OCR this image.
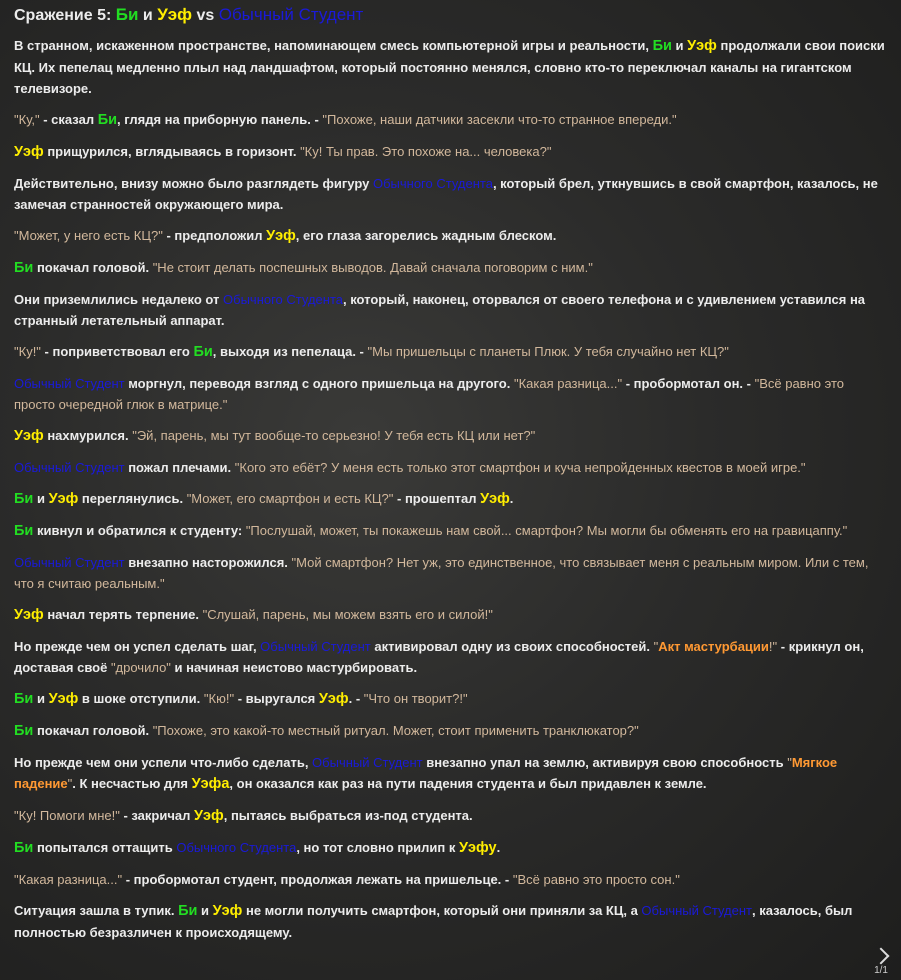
Сражение 5: Би и Уэф vs Обычный Студент
В странном, искаженном пространстве, напоминающем смесь компьютерной игры и реальности, Би и Уэф продолжали свои поиски КЦ. Их пепелац медленно плыл над ландшафтом, который постоянно менялся, словно кто-то переключал каналы на гигантском телевизоре.
"Ку," - сказал Би, глядя на приборную панель. - "Похоже, наши датчики засекли что-то странное впереди."
Уэф прищурился, вглядываясь в горизонт. "Ку! Ты прав. Это похоже на... человека?"
Действительно, внизу можно было разглядеть фигуру Обычного Студента, который брел, уткнувшись в свой смартфон, казалось, не замечая странностей окружающего мира.
"Может, у него есть КЦ?" - предположил Уэф, его глаза загорелись жадным блеском.
Би покачал головой. "Не стоит делать поспешных выводов. Давай сначала поговорим с ним."
Они приземлились недалеко от Обычного Студента, который, наконец, оторвался от своего телефона и с удивлением уставился на странный летательный аппарат.
"Ку!" - поприветствовал его Би, выходя из пепелаца. - "Мы пришельцы с планеты Плюк. У тебя случайно нет КЦ?"
Обычный Студент моргнул, переводя взгляд с одного пришельца на другого. "Какая разница..." - пробормотал он. - "Всё равно это просто очередной глюк в матрице."
Уэф нахмурился. "Эй, парень, мы тут вообще-то серьезно! У тебя есть КЦ или нет?"
Обычный Студент пожал плечами. "Кого это ебёт? У меня есть только этот смартфон и куча непройденных квестов в моей игре."
Би и Уэф переглянулись. "Может, его смартфон и есть КЦ?" - прошептал Уэф.
Би кивнул и обратился к студенту: "Послушай, может, ты покажешь нам свой... смартфон? Мы могли бы обменять его на гравицаппу."
Обычный Студент внезапно насторожился. "Мой смартфон? Нет уж, это единственное, что связывает меня с реальным миром. Или с тем, что я считаю реальным."
Уэф начал терять терпение. "Слушай, парень, мы можем взять его и силой!"
Но прежде чем он успел сделать шаг, Обычный Студент активировал одну из своих способностей. "Акт мастурбации!" - крикнул он, доставая своё "дрочило" и начиная неистово мастурбировать.
Би и Уэф в шоке отступили. "Кю!" - выругался Уэф. - "Что он творит?!"
Би покачал головой. "Похоже, это какой-то местный ритуал. Может, стоит применить транклюкатор?"
Но прежде чем они успели что-либо сделать, Обычный Студент внезапно упал на землю, активируя свою способность "Мягкое падение". К несчастью для Уэфа, он оказался как раз на пути падения студента и был придавлен к земле.
"Ку! Помоги мне!" - закричал Уэф, пытаясь выбраться из-под студента.
Би попытался оттащить Обычного Студента, но тот словно прилип к Уэфу.
"Какая разница..." - пробормотал студент, продолжая лежать на пришельце. - "Всё равно это просто сон."
Ситуация зашла в тупик. Би и Уэф не могли получить смартфон, который они приняли за КЦ, а Обычный Студент, казалось, был полностью безразличен к происходящему.
1/1
